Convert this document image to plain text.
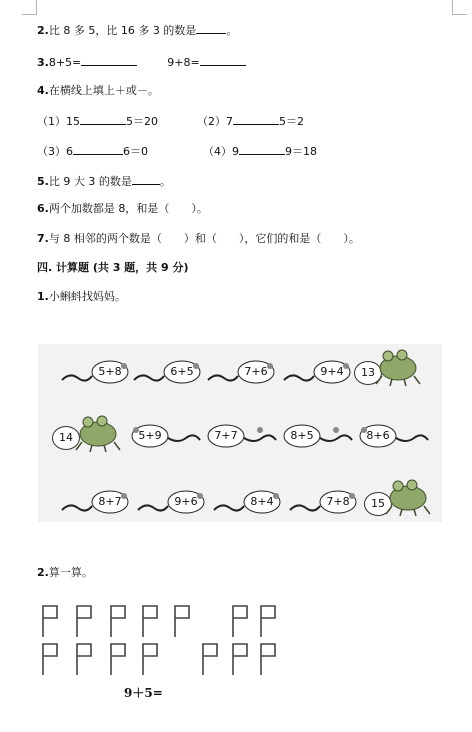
2.比 8 多 5，比 16 多 3 的数是	。
3.8+5=	9+8=
4.在横线上填上＋或－。
（1）15	5＝20	（2）7	5＝2
（3）6	6＝0	（4）9	9＝18
5.比 9 大 3 的数是	。
6.两个加数都是 8，和是（　　）。
7.与 8 相邻的两个数是（　　）和（　　），它们的和是（　　）。
四. 计算题 (共 3 题，共 9 分)
1.小蝌蚪找妈妈。
5+8	6+5	7+6	9+4	13
14	5+9	7+7	8+5	8+6
8+7	9+6	8+4	7+8	15
2.算一算。
9＋5=
